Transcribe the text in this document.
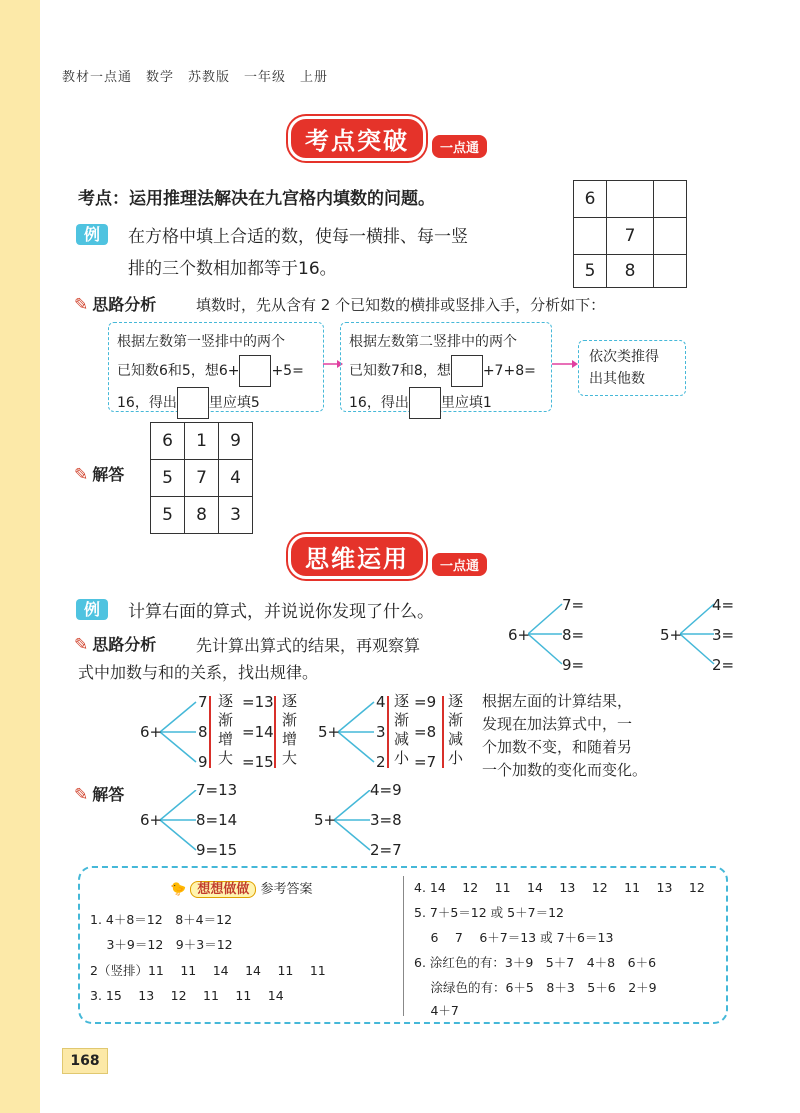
教材一点通　数学　苏教版　一年级　上册
考点突破	一点通
考点：运用推理法解决在九宫格内填数的问题。	6		
	7	
5	8	
例	在方格中填上合适的数，使每一横排、每一竖
排的三个数相加都等于16。
✎ 思路分析	填数时，先从含有 2 个已知数的横排或竖排入手，分析如下：
根据左数第一竖排中的两个
已知数6和5，想6+ +5=
16，得出 里应填5
根据左数第二竖排中的两个
已知数7和8，想 +7+8=
16，得出 里应填1
依次类推得
出其他数
✎ 解答
6	1	9
5	7	4
5	8	3
思维运用	一点通
例	计算右面的算式，并说说你发现了什么。
✎ 思路分析 先计算出算式的结果，再观察算
式中加数与和的关系，找出规律。
6+
7=
8=
9=
5+
4=
3=
2=
6+
7
8
9
逐渐增大
=13
=14
=15
逐渐增大
5+
4
3
2
逐渐减小
=9
=8
=7
逐渐减小
根据左面的计算结果，
发现在加法算式中，一
个加数不变，和随着另
一个加数的变化而变化。
✎ 解答
6+
7=13
8=14
9=15
5+
4=9
3=8
2=7
🐤 想想做做 参考答案
1. 4＋8＝12　8＋4＝12
　 3＋9＝12　9＋3＝12
2（竖排）11　 11　 14　 14　 11　 11
3. 15　 13　 12　 11　 11　 14
4. 14　 12　 11　 14　 13　 12　 11　 13　 12
5. 7＋5＝12 或 5＋7＝12
　 6　 7　 6＋7＝13 或 7＋6＝13
6. 涂红色的有：3＋9　5＋7　4＋8　6＋6
　 涂绿色的有：6＋5　8＋3　5＋6　2＋9
　 4＋7
168
